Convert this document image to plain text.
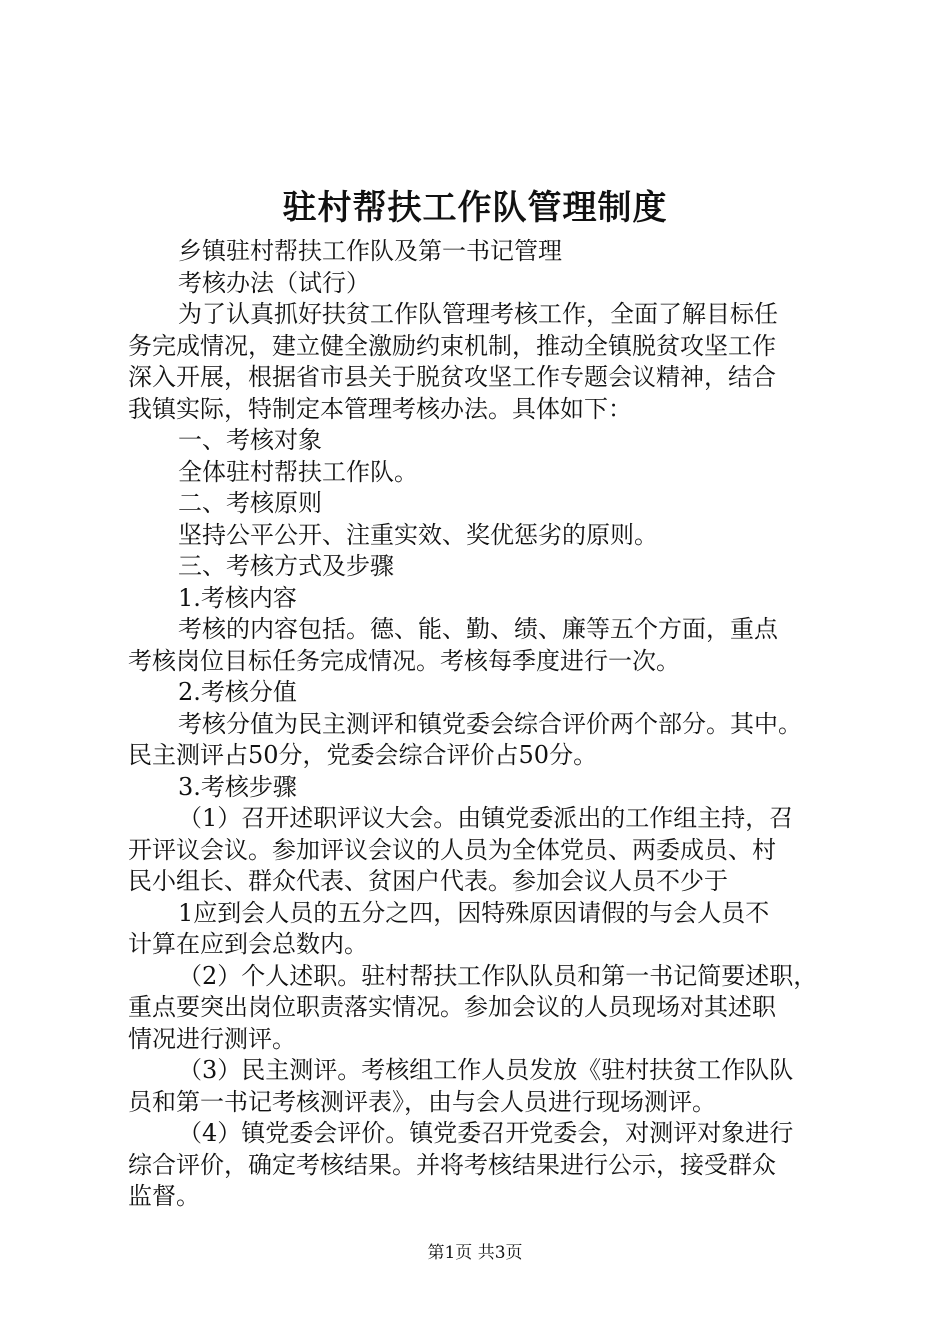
驻村帮扶工作队管理制度

乡镇驻村帮扶工作队及第一书记管理

考核办法（试行）

为了认真抓好扶贫工作队管理考核工作，全面了解目标任

务完成情况，建立健全激励约束机制，推动全镇脱贫攻坚工作

深入开展，根据省市县关于脱贫攻坚工作专题会议精神，结合

我镇实际，特制定本管理考核办法。具体如下：

一、考核对象

全体驻村帮扶工作队。

二、考核原则

坚持公平公开、注重实效、奖优惩劣的原则。

三、考核方式及步骤

1.考核内容

考核的内容包括。德、能、勤、绩、廉等五个方面，重点

考核岗位目标任务完成情况。考核每季度进行一次。

2.考核分值

考核分值为民主测评和镇党委会综合评价两个部分。其中。

民主测评占50分，党委会综合评价占50分。

3.考核步骤

（1）召开述职评议大会。由镇党委派出的工作组主持，召

开评议会议。参加评议会议的人员为全体党员、两委成员、村

民小组长、群众代表、贫困户代表。参加会议人员不少于

1应到会人员的五分之四，因特殊原因请假的与会人员不

计算在应到会总数内。

（2）个人述职。驻村帮扶工作队队员和第一书记简要述职，

重点要突出岗位职责落实情况。参加会议的人员现场对其述职

情况进行测评。

（3）民主测评。考核组工作人员发放《驻村扶贫工作队队

员和第一书记考核测评表》，由与会人员进行现场测评。

（4）镇党委会评价。镇党委召开党委会，对测评对象进行

综合评价，确定考核结果。并将考核结果进行公示，接受群众

监督。

第1页 共3页
